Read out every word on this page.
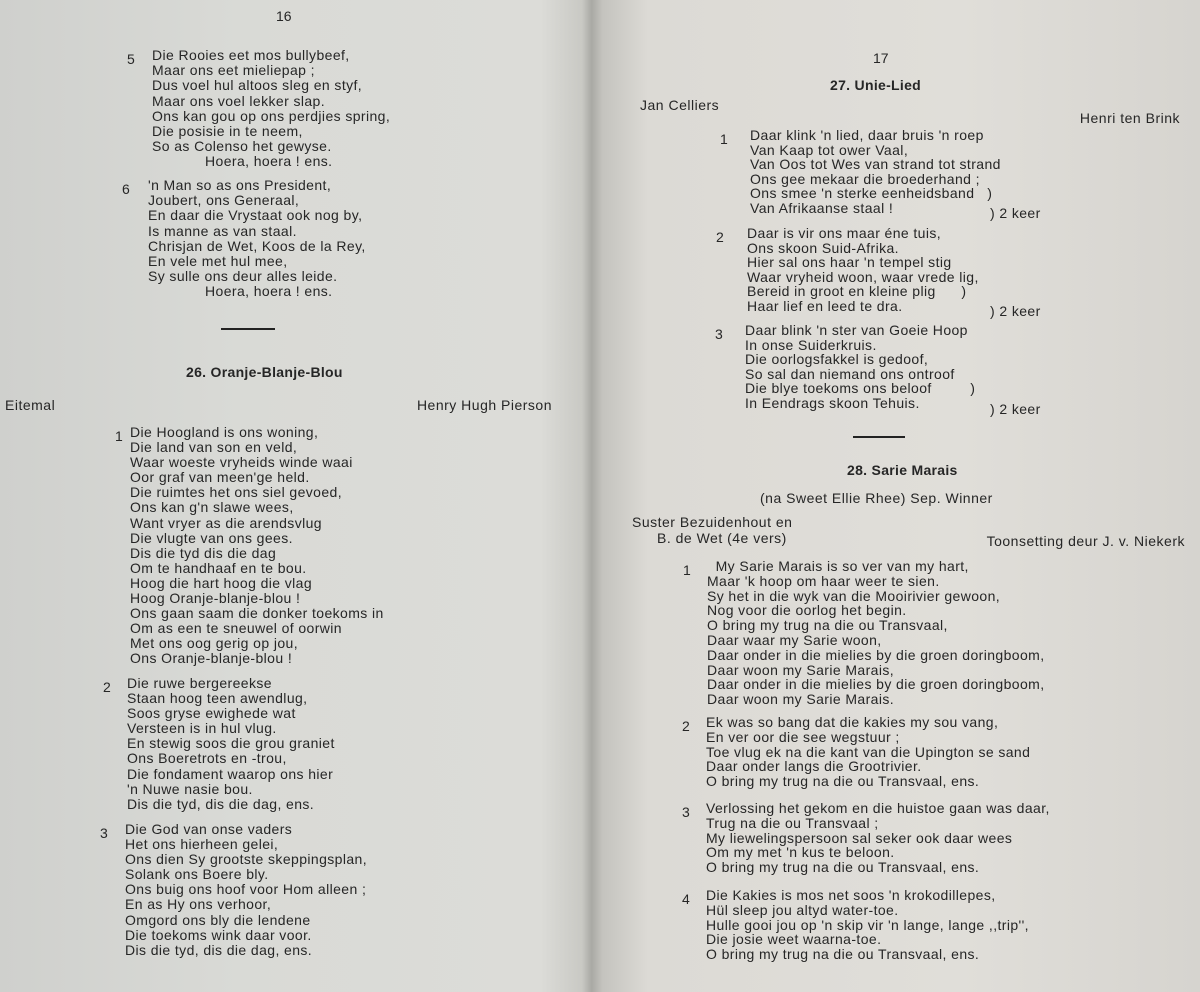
16
26. Oranje-Blanje-Blou
Eitemal	Henry Hugh Pierson
5 Die Rooies eet mos bullybeef,
Maar ons eet mieliepap ;
Dus voel hul altoos sleg en styf,
Maar ons voel lekker slap.
Ons kan gou op ons perdjies spring,
Die posisie in te neem,
So as Colenso het gewyse.
Hoera, hoera ! ens.
6 'n Man so as ons President,
Joubert, ons Generaal,
En daar die Vrystaat ook nog by,
Is manne as van staal.
Chrisjan de Wet, Koos de la Rey,
En vele met hul mee,
Sy sulle ons deur alles leide.
Hoera, hoera ! ens.
1 Die Hoogland is ons woning,
Die land van son en veld,
Waar woeste vryheids winde waai
Oor graf van meen'ge held.
Die ruimtes het ons siel gevoed,
Ons kan g'n slawe wees,
Want vryer as die arendsvlug
Die vlugte van ons gees.
Dis die tyd dis die dag
Om te handhaaf en te bou.
Hoog die hart hoog die vlag
Hoog Oranje-blanje-blou !
Ons gaan saam die donker toekoms in
Om as een te sneuwel of oorwin
Met ons oog gerig op jou,
Ons Oranje-blanje-blou !
2 Die ruwe bergereekse
Staan hoog teen awendlug,
Soos gryse ewighede wat
Versteen is in hul vlug.
En stewig soos die grou graniet
Ons Boeretrots en -trou,
Die fondament waarop ons hier
'n Nuwe nasie bou.
Dis die tyd, dis die dag, ens.
3 Die God van onse vaders
Het ons hierheen gelei,
Ons dien Sy grootste skeppingsplan,
Solank ons Boere bly.
Ons buig ons hoof voor Hom alleen ;
En as Hy ons verhoor,
Omgord ons bly die lendene
Die toekoms wink daar voor.
Dis die tyd, dis die dag, ens.
17
27. Unie-Lied
Jan Celliers
Henri ten Brink
) 2 keer
) 2 keer
) 2 keer
28. Sarie Marais
(na Sweet Ellie Rhee) Sep. Winner
Suster Bezuidenhout en
B. de Wet (4e vers)	Toonsetting deur J. v. Niekerk
1 Daar klink 'n lied, daar bruis 'n roep
Van Kaap tot ower Vaal,
Van Oos tot Wes van strand tot strand
Ons gee mekaar die broederhand ;
Ons smee 'n sterke eenheidsband   )
Van Afrikaanse staal !
2 Daar is vir ons maar éne tuis,
Ons skoon Suid-Afrika.
Hier sal ons haar 'n tempel stig
Waar vryheid woon, waar vrede lig,
Bereid in groot en kleine plig      )
Haar lief en leed te dra.
3 Daar blink 'n ster van Goeie Hoop
In onse Suiderkruis.
Die oorlogsfakkel is gedoof,
So sal dan niemand ons ontroof
Die blye toekoms ons beloof         )
In Eendrags skoon Tehuis.
1 My Sarie Marais is so ver van my hart,
Maar 'k hoop om haar weer te sien.
Sy het in die wyk van die Mooirivier gewoon,
Nog voor die oorlog het begin.
O bring my trug na die ou Transvaal,
Daar waar my Sarie woon,
Daar onder in die mielies by die groen doringboom,
Daar woon my Sarie Marais,
Daar onder in die mielies by die groen doringboom,
Daar woon my Sarie Marais.
2 Ek was so bang dat die kakies my sou vang,
En ver oor die see wegstuur ;
Toe vlug ek na die kant van die Upington se sand
Daar onder langs die Grootrivier.
O bring my trug na die ou Transvaal, ens.
3 Verlossing het gekom en die huistoe gaan was daar,
Trug na die ou Transvaal ;
My liewelingspersoon sal seker ook daar wees
Om my met 'n kus te beloon.
O bring my trug na die ou Transvaal, ens.
4 Die Kakies is mos net soos 'n krokodillepes,
Hül sleep jou altyd water-toe.
Hulle gooi jou op 'n skip vir 'n lange, lange ,,trip'',
Die josie weet waarna-toe.
O bring my trug na die ou Transvaal, ens.
